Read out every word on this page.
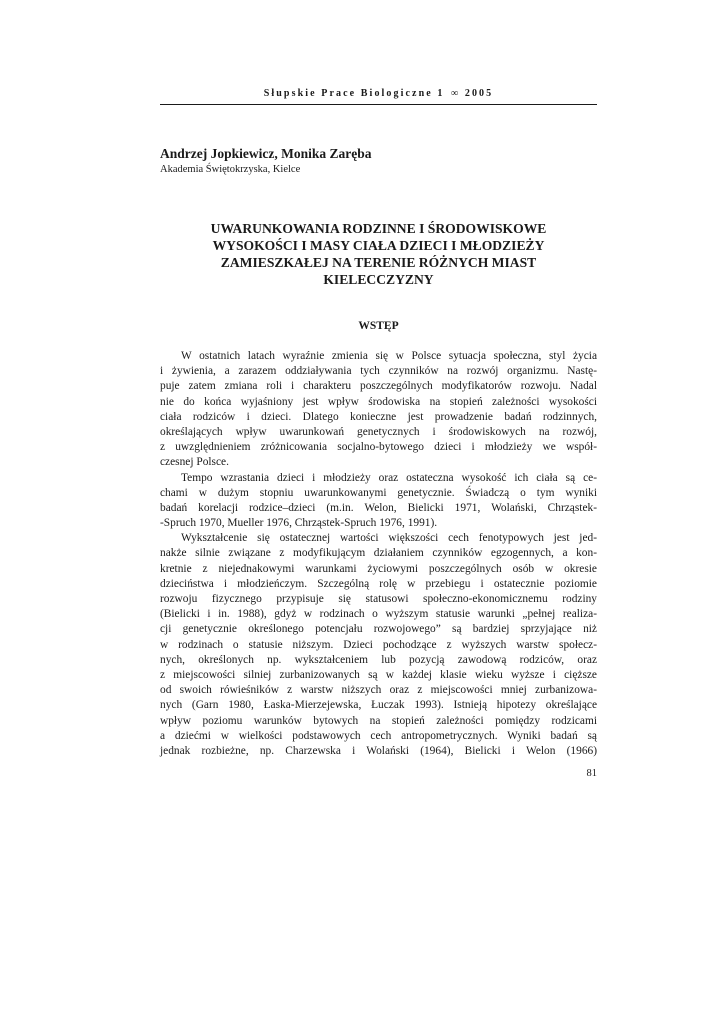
Słupskie Prace Biologiczne 1 ∞ 2005
Andrzej Jopkiewicz, Monika Zaręba
Akademia Świętokrzyska, Kielce
UWARUNKOWANIA RODZINNE I ŚRODOWISKOWE
WYSOKOŚCI I MASY CIAŁA DZIECI I MŁODZIEŻY
ZAMIESZKAŁEJ NA TERENIE RÓŻNYCH MIAST
KIELECCZYZNY
WSTĘP
W ostatnich latach wyraźnie zmienia się w Polsce sytuacja społeczna, styl życia
i żywienia, a zarazem oddziaływania tych czynników na rozwój organizmu. Nastę-
puje zatem zmiana roli i charakteru poszczególnych modyfikatorów rozwoju. Nadal
nie do końca wyjaśniony jest wpływ środowiska na stopień zależności wysokości
ciała rodziców i dzieci. Dlatego konieczne jest prowadzenie badań rodzinnych,
określających wpływ uwarunkowań genetycznych i środowiskowych na rozwój,
z uwzględnieniem zróżnicowania socjalno-bytowego dzieci i młodzieży we współ-
czesnej Polsce.
Tempo wzrastania dzieci i młodzieży oraz ostateczna wysokość ich ciała są ce-
chami w dużym stopniu uwarunkowanymi genetycznie. Świadczą o tym wyniki
badań korelacji rodzice–dzieci (m.in. Welon, Bielicki 1971, Wolański, Chrząstek-
-Spruch 1970, Mueller 1976, Chrząstek-Spruch 1976, 1991).
Wykształcenie się ostatecznej wartości większości cech fenotypowych jest jed-
nakże silnie związane z modyfikującym działaniem czynników egzogennych, a kon-
kretnie z niejednakowymi warunkami życiowymi poszczególnych osób w okresie
dzieciństwa i młodzieńczym. Szczególną rolę w przebiegu i ostatecznie poziomie
rozwoju fizycznego przypisuje się statusowi społeczno-ekonomicznemu rodziny
(Bielicki i in. 1988), gdyż w rodzinach o wyższym statusie warunki „pełnej realiza-
cji genetycznie określonego potencjału rozwojowego” są bardziej sprzyjające niż
w rodzinach o statusie niższym. Dzieci pochodzące z wyższych warstw społecz-
nych, określonych np. wykształceniem lub pozycją zawodową rodziców, oraz
z miejscowości silniej zurbanizowanych są w każdej klasie wieku wyższe i cięższe
od swoich rówieśników z warstw niższych oraz z miejscowości mniej zurbanizowa-
nych (Garn 1980, Łaska-Mierzejewska, Łuczak 1993). Istnieją hipotezy określające
wpływ poziomu warunków bytowych na stopień zależności pomiędzy rodzicami
a dziećmi w wielkości podstawowych cech antropometrycznych. Wyniki badań są
jednak rozbieżne, np. Charzewska i Wolański (1964), Bielicki i Welon (1966)
81
